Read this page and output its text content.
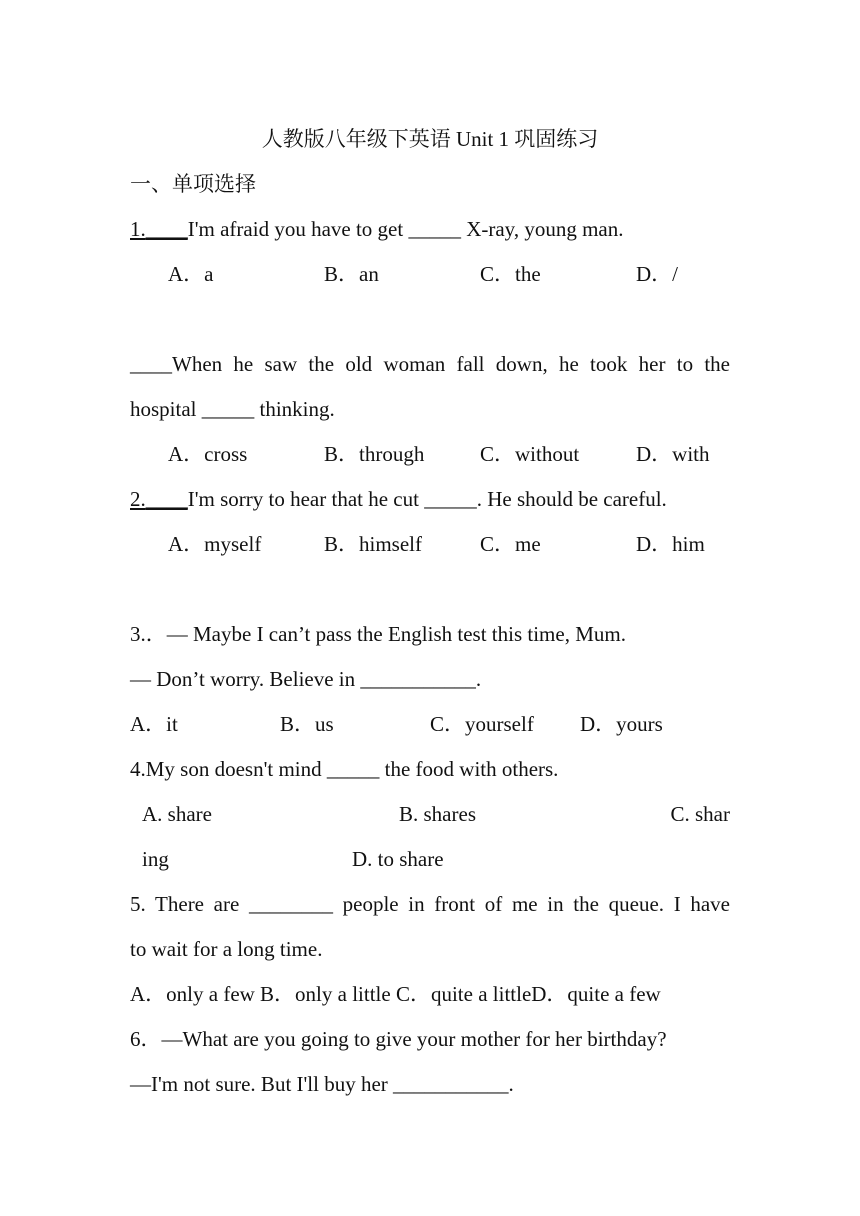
人教版八年级下英语 Unit 1 巩固练习
一、单项选择
1.____I'm afraid you have to get _____ X-ray, young man.
A．a	B．an	C．the	D．/
____When he saw the old woman fall down, he took her to the
hospital _____ thinking.
A．cross	B．through	C．without	D．with
2.____I'm sorry to hear that he cut _____. He should be careful.
A．myself	B．himself	C．me	D．him
3.．— Maybe I can’t pass the English test this time, Mum.
— Don’t worry. Believe in ___________.
A．it	B．us	C．yourself D．yours
4.My son doesn't mind _____ the food with others.
A. share	B. shares	C. shar
ing	D. to share
5. There are ________ people in front of me in the queue. I have
to wait for a long time.
A．only a few B．only a little C．quite a littleD．quite a few
6．—What are you going to give your mother for her birthday?
—I'm not sure. But I'll buy her ___________.
